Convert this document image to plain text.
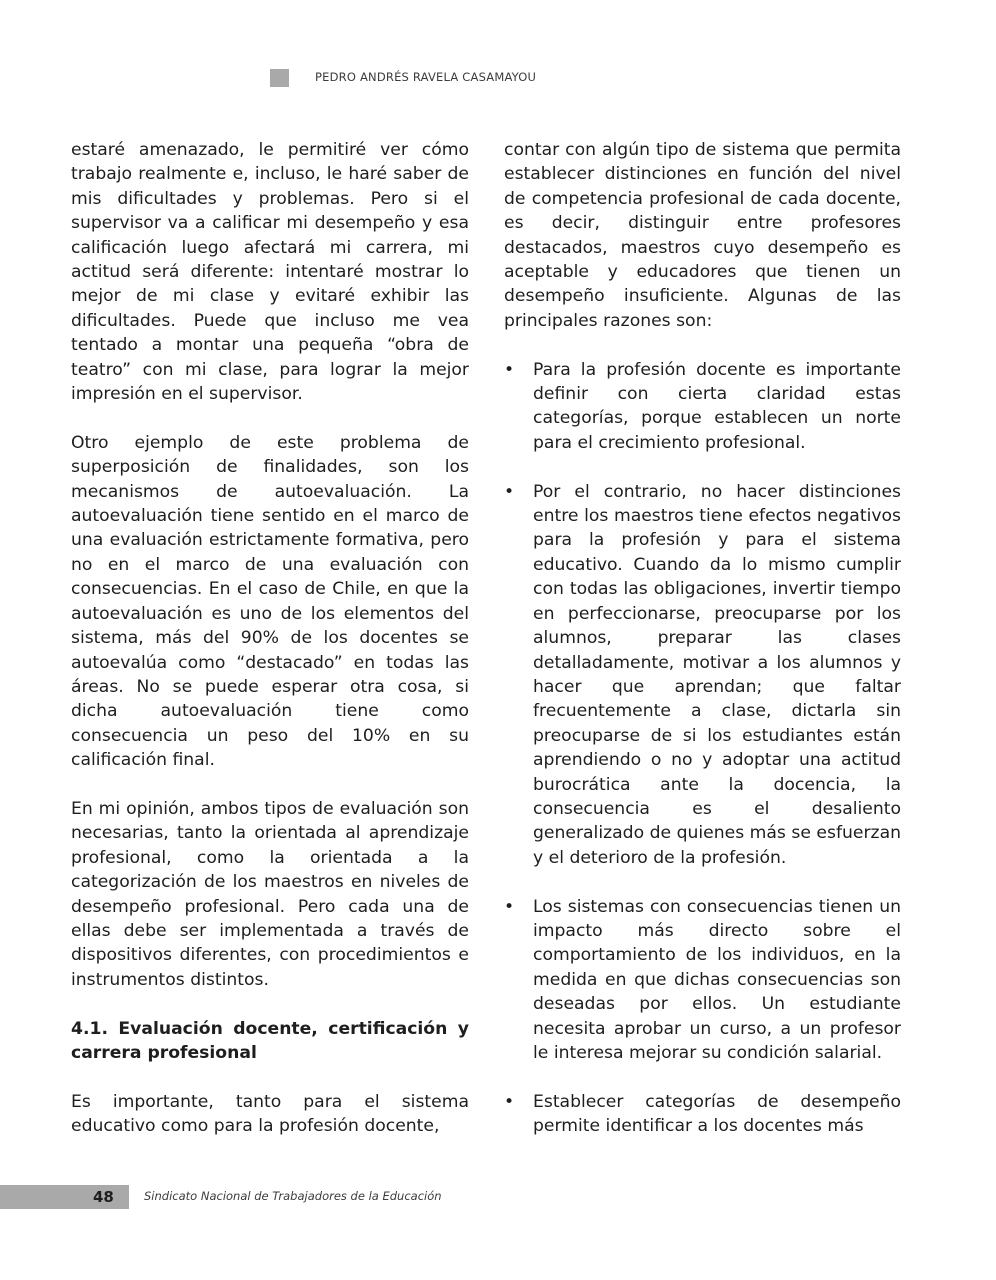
PEDRO ANDRÉS RAVELA CASAMAYOU

estaré amenazado, le permitiré ver cómo trabajo realmente e, incluso, le haré saber de mis dificultades y problemas. Pero si el supervisor va a calificar mi desempeño y esa calificación luego afectará mi carrera, mi actitud será diferente: intentaré mostrar lo mejor de mi clase y evitaré exhibir las dificultades. Puede que incluso me vea tentado a montar una pequeña “obra de teatro” con mi clase, para lograr la mejor impresión en el supervisor.

Otro ejemplo de este problema de superposición de finalidades, son los mecanismos de autoevaluación. La autoevaluación tiene sentido en el marco de una evaluación estrictamente formativa, pero no en el marco de una evaluación con consecuencias. En el caso de Chile, en que la autoevaluación es uno de los elementos del sistema, más del 90% de los docentes se autoevalúa como “destacado” en todas las áreas. No se puede esperar otra cosa, si dicha autoevaluación tiene como consecuencia un peso del 10% en su calificación final.

En mi opinión, ambos tipos de evaluación son necesarias, tanto la orientada al aprendizaje profesional, como la orientada a la categorización de los maestros en niveles de desempeño profesional. Pero cada una de ellas debe ser implementada a través de dispositivos diferentes, con procedimientos e instrumentos distintos.

4.1. Evaluación docente, certificación y carrera profesional

Es importante, tanto para el sistema educativo como para la profesión docente,

contar con algún tipo de sistema que permita establecer distinciones en función del nivel de competencia profesional de cada docente, es decir, distinguir entre profesores destacados, maestros cuyo desempeño es aceptable y educadores que tienen un desempeño insuficiente. Algunas de las principales razones son:

• Para la profesión docente es importante definir con cierta claridad estas categorías, porque establecen un norte para el crecimiento profesional.
• Por el contrario, no hacer distinciones entre los maestros tiene efectos negativos para la profesión y para el sistema educativo. Cuando da lo mismo cumplir con todas las obligaciones, invertir tiempo en perfeccionarse, preocuparse por los alumnos, preparar las clases detalladamente, motivar a los alumnos y hacer que aprendan; que faltar frecuentemente a clase, dictarla sin preocuparse de si los estudiantes están aprendiendo o no y adoptar una actitud burocrática ante la docencia, la consecuencia es el desaliento generalizado de quienes más se esfuerzan y el deterioro de la profesión.
• Los sistemas con consecuencias tienen un impacto más directo sobre el comportamiento de los individuos, en la medida en que dichas consecuencias son deseadas por ellos. Un estudiante necesita aprobar un curso, a un profesor le interesa mejorar su condición salarial.
• Establecer categorías de desempeño permite identificar a los docentes más
48	Sindicato Nacional de Trabajadores de la Educación
